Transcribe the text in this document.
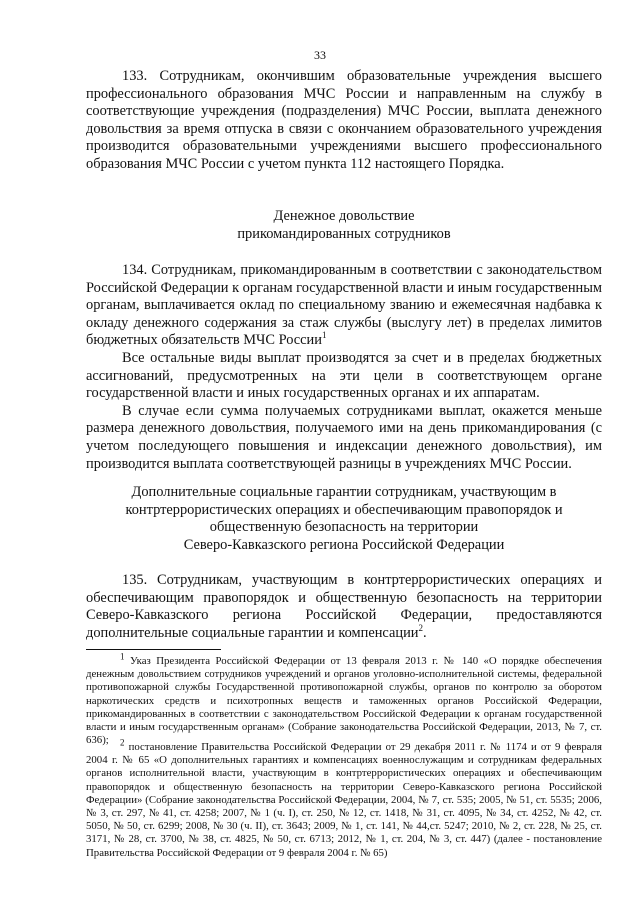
33

133. Сотрудникам, окончившим образовательные учреждения высшего профессионального образования МЧС России и направленным на службу в соответствующие учреждения (подразделения) МЧС России, выплата денежного довольствия за время отпуска в связи с окончанием образовательного учреждения производится образовательными учреждениями высшего профессионального образования МЧС России с учетом пункта 112 настоящего Порядка.

Денежное довольствие
прикомандированных сотрудников

134. Сотрудникам, прикомандированным в соответствии с законодательством Российской Федерации к органам государственной власти и иным государственным органам, выплачивается оклад по специальному званию и ежемесячная надбавка к окладу денежного содержания за стаж службы (выслугу лет) в пределах лимитов бюджетных обязательств МЧС России$^1$

Все остальные виды выплат производятся за счет и в пределах бюджетных ассигнований, предусмотренных на эти цели в соответствующем органе государственной власти и иных государственных органах и их аппаратам.

В случае если сумма получаемых сотрудниками выплат, окажется меньше размера денежного довольствия, получаемого ими на день прикомандирования (с учетом последующего повышения и индексации денежного довольствия), им производится выплата соответствующей разницы в учреждениях МЧС России.

Дополнительные социальные гарантии сотрудникам, участвующим в
контртеррористических операциях и обеспечивающим правопорядок и
общественную безопасность на территории
Северо-Кавказского региона Российской Федерации

135. Сотрудникам, участвующим в контртеррористических операциях и обеспечивающим правопорядок и общественную безопасность на территории Северо-Кавказского региона Российской Федерации, предоставляются дополнительные социальные гарантии и компенсации$^2$.

$^1$ Указ Президента Российской Федерации от 13 февраля 2013 г. № 140 «О порядке обеспечения денежным довольствием сотрудников учреждений и органов уголовно-исполнительной системы, федеральной противопожарной службы Государственной противопожарной службы, органов по контролю за оборотом наркотических средств и психотропных веществ и таможенных органов Российской Федерации, прикомандированных в соответствии с законодательством Российской Федерации к органам государственной власти и иным государственным органам» (Собрание законодательства Российской Федерации, 2013, № 7, ст. 636);	$^2$ постановление Правительства Российской Федерации от 29 декабря 2011 г. № 1174 и от 9 февраля 2004 г. № 65 «О дополнительных гарантиях и компенсациях военнослужащим и сотрудникам федеральных органов исполнительной власти, участвующим в контртеррористических операциях и обеспечивающим правопорядок и общественную безопасность на территории Северо-Кавказского региона Российской Федерации» (Собрание законодательства Российской Федерации, 2004, № 7, ст. 535; 2005, № 51, ст. 5535; 2006, № 3, ст. 297, № 41, ст. 4258; 2007, № 1 (ч. I), ст. 250, № 12, ст. 1418, № 31, ст. 4095, № 34, ст. 4252, № 42, ст. 5050, № 50, ст. 6299; 2008, № 30 (ч. II), ст. 3643; 2009, № 1, ст. 141, № 44,ст. 5247; 2010, № 2, ст. 228, № 25, ст. 3171, № 28, ст. 3700, № 38, ст. 4825, № 50, ст. 6713; 2012, № 1, ст. 204, № 3, ст. 447) (далее - постановление Правительства Российской Федерации от 9 февраля 2004 г. № 65)
